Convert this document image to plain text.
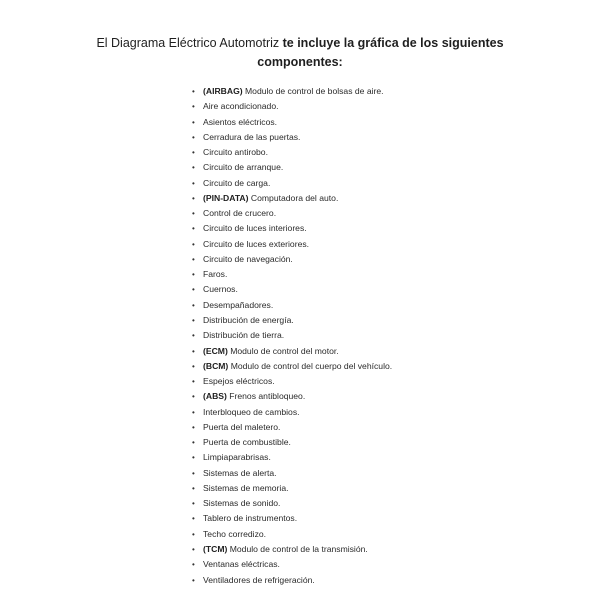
El Diagrama Eléctrico Automotriz te incluye la gráfica de los siguientes componentes:
• (AIRBAG) Modulo de control de bolsas de aire.
• Aire acondicionado.
• Asientos eléctricos.
• Cerradura de las puertas.
• Circuito antirobo.
• Circuito de arranque.
• Circuito de carga.
• (PIN-DATA) Computadora del auto.
• Control de crucero.
• Circuito de luces interiores.
• Circuito de luces exteriores.
• Circuito de navegación.
• Faros.
• Cuernos.
• Desempañadores.
• Distribución de energía.
• Distribución de tierra.
• (ECM) Modulo de control del motor.
• (BCM) Modulo de control del cuerpo del vehículo.
• Espejos eléctricos.
• (ABS) Frenos antibloqueo.
• Interbloqueo de cambios.
• Puerta del maletero.
• Puerta de combustible.
• Limpiaparabrisas.
• Sistemas de alerta.
• Sistemas de memoria.
• Sistemas de sonido.
• Tablero de instrumentos.
• Techo corredizo.
• (TCM) Modulo de control de la transmisión.
• Ventanas eléctricas.
• Ventiladores de refrigeración.
